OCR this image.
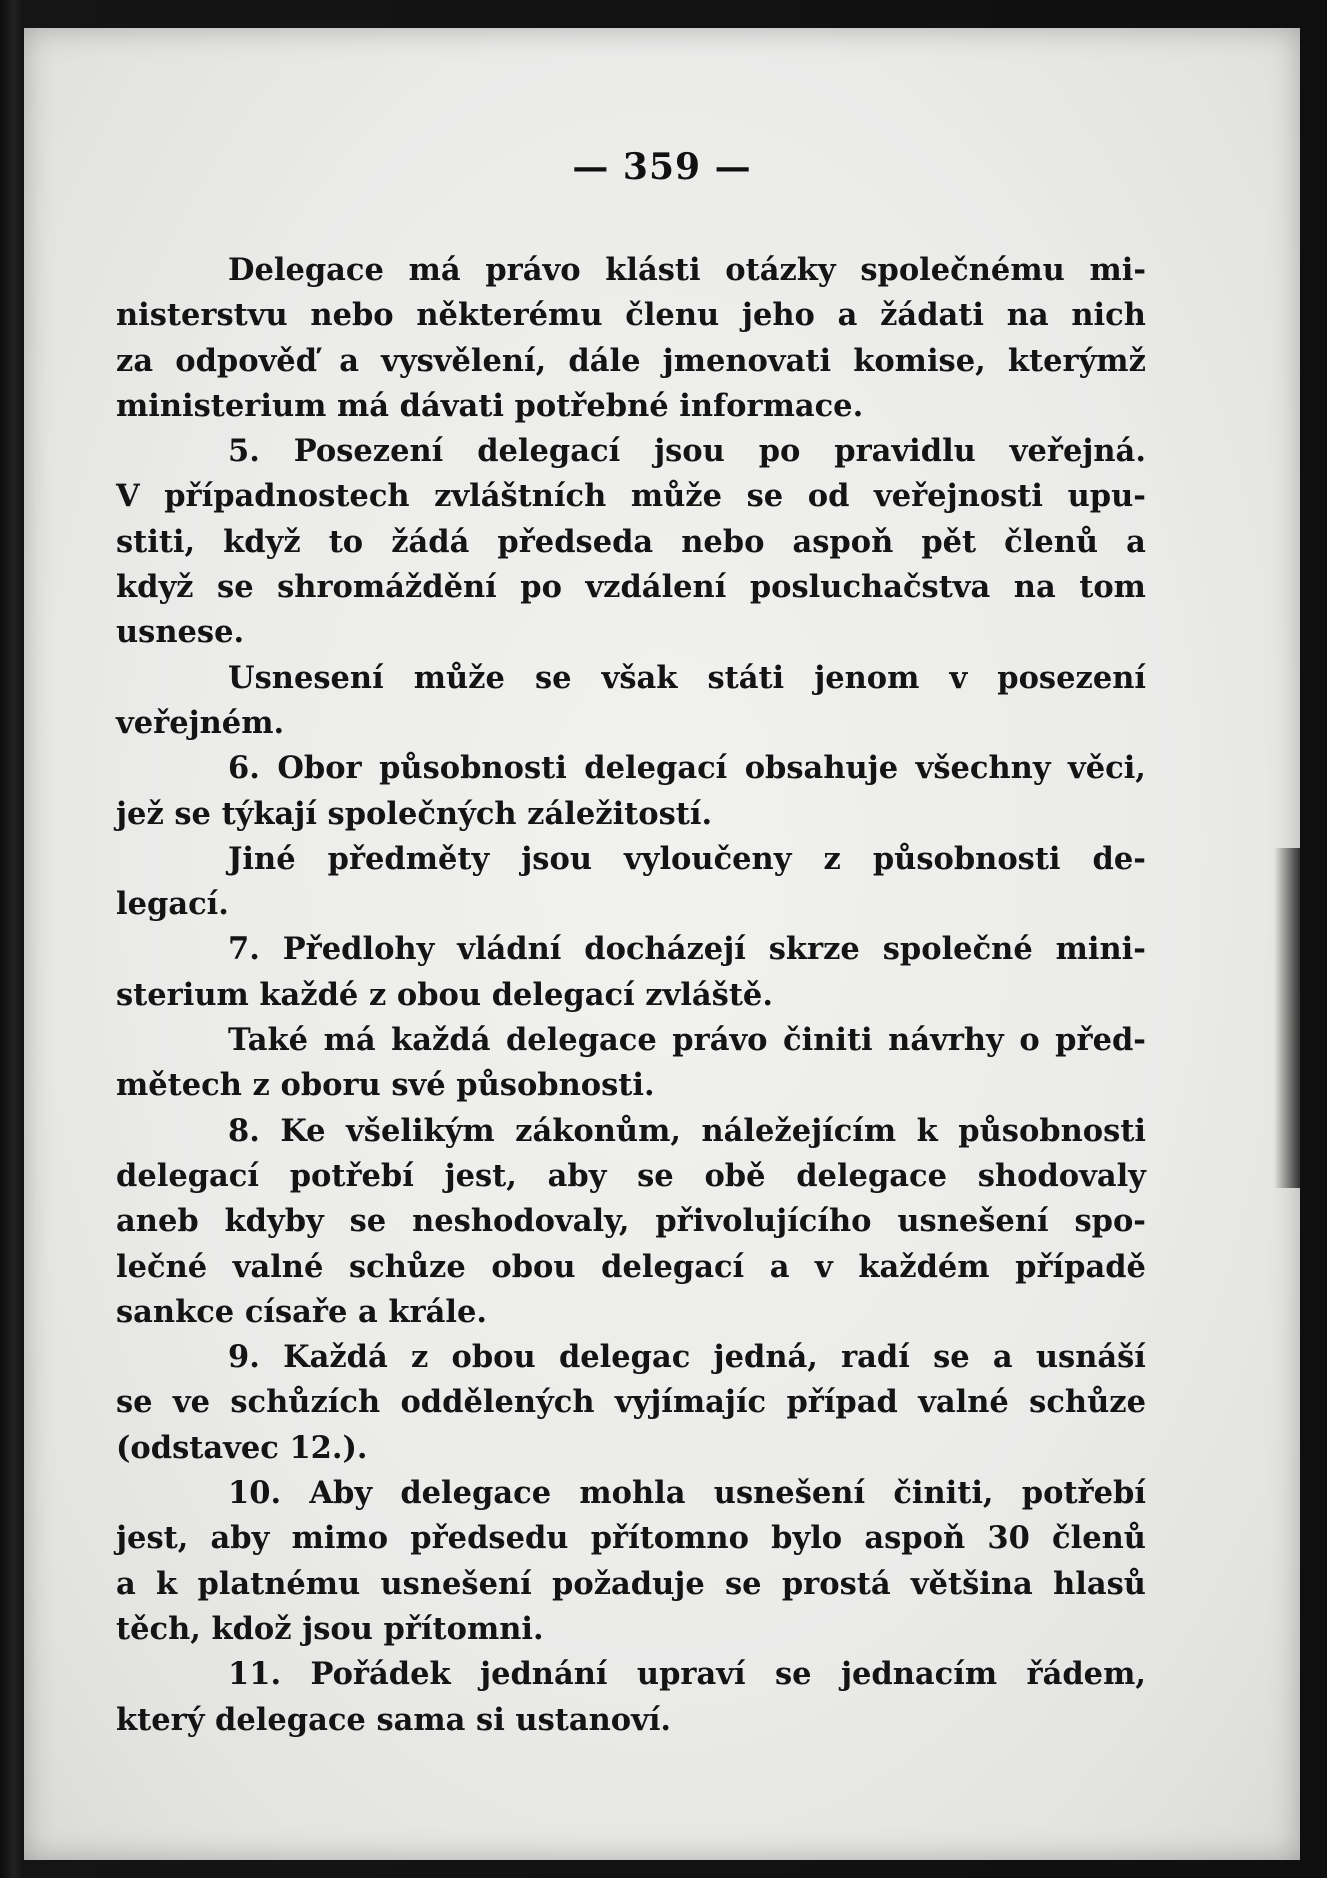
— 359 —
Delegace má právo klásti otázky společnému mi-
nisterstvu nebo některému členu jeho a žádati na nich
za odpověď a vysvělení, dále jmenovati komise, kterýmž
ministerium má dávati potřebné informace.
5. Posezení delegací jsou po pravidlu veřejná.
V případnostech zvláštních může se od veřejnosti upu-
stiti, když to žádá předseda nebo aspoň pět členů a
když se shromáždění po vzdálení posluchačstva na tom
usnese.
Usnesení může se však státi jenom v posezení
veřejném.
6. Obor působnosti delegací obsahuje všechny věci,
jež se týkají společných záležitostí.
Jiné předměty jsou vyloučeny z působnosti de-
legací.
7. Předlohy vládní docházejí skrze společné mini-
sterium každé z obou delegací zvláště.
Také má každá delegace právo činiti návrhy o před-
mětech z oboru své působnosti.
8. Ke všelikým zákonům, náležejícím k působnosti
delegací potřebí jest, aby se obě delegace shodovaly
aneb kdyby se neshodovaly, přivolujícího usnešení spo-
lečné valné schůze obou delegací a v každém případě
sankce císaře a krále.
9. Každá z obou delegac jedná, radí se a usnáší
se ve schůzích oddělených vyjímajíc případ valné schůze
(odstavec 12.).
10. Aby delegace mohla usnešení činiti, potřebí
jest, aby mimo předsedu přítomno bylo aspoň 30 členů
a k platnému usnešení požaduje se prostá většina hlasů
těch, kdož jsou přítomni.
11. Pořádek jednání upraví se jednacím řádem,
který delegace sama si ustanoví.
